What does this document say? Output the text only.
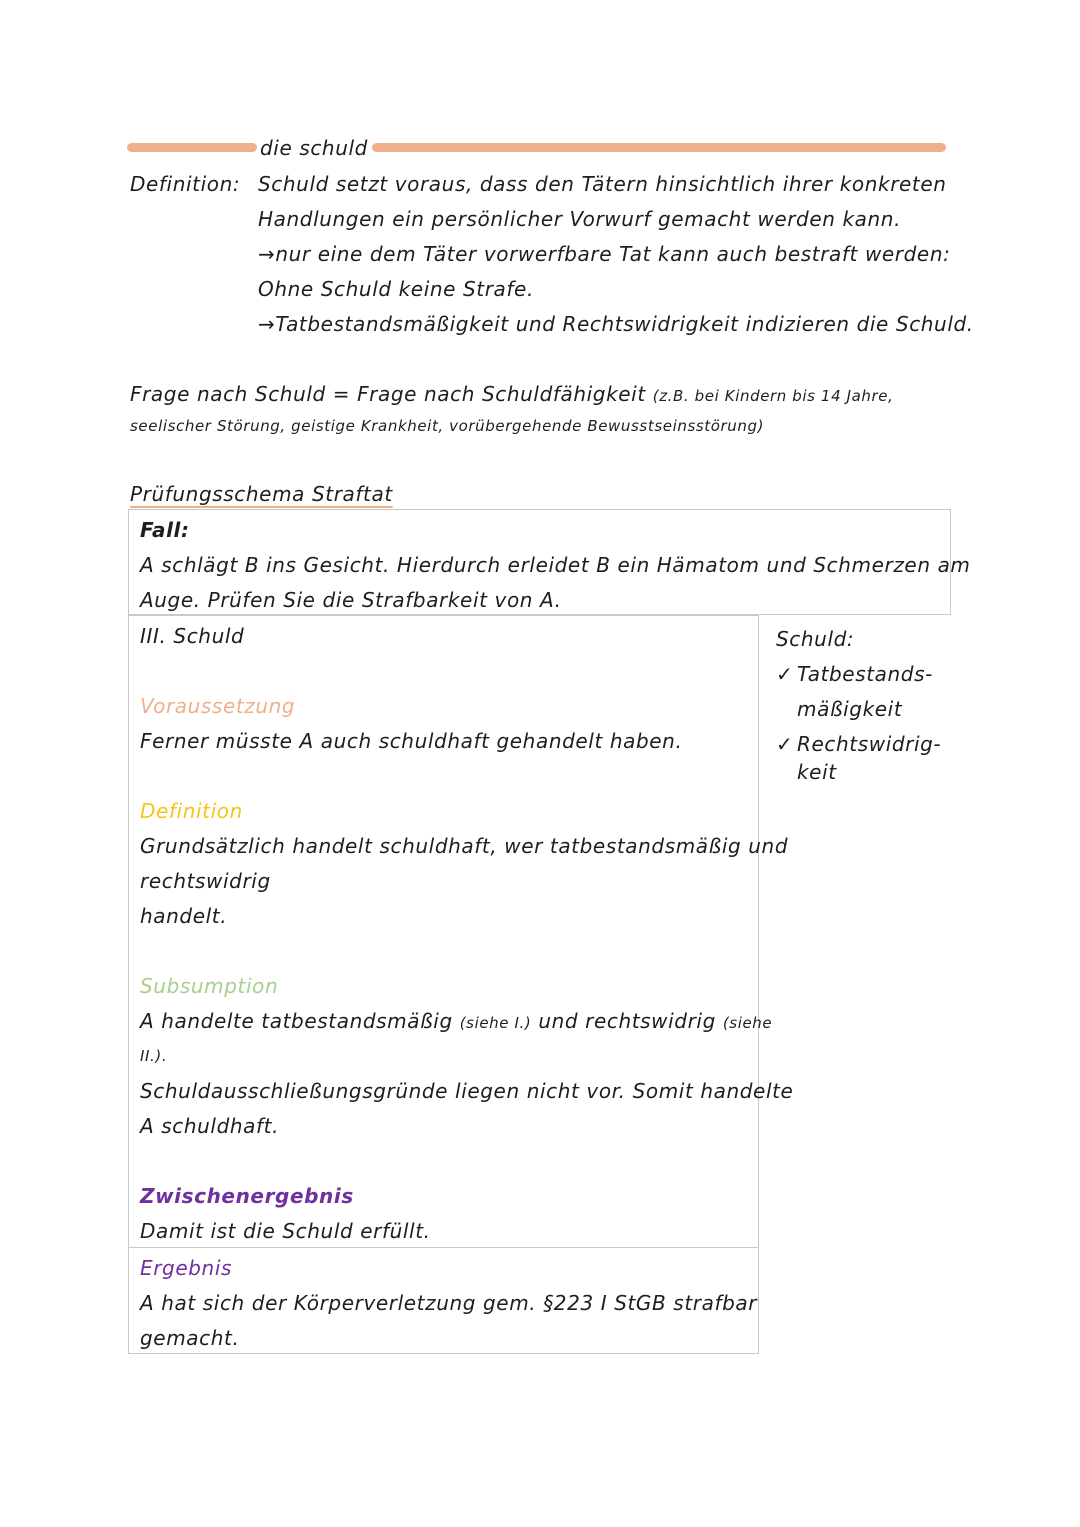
die schuld
Definition: Schuld setzt voraus, dass den Tätern hinsichtlich ihrer konkreten
Handlungen ein persönlicher Vorwurf gemacht werden kann.
→nur eine dem Täter vorwerfbare Tat kann auch bestraft werden:
Ohne Schuld keine Strafe.
→Tatbestandsmäßigkeit und Rechtswidrigkeit indizieren die Schuld.
Frage nach Schuld = Frage nach Schuldfähigkeit (z.B. bei Kindern bis 14 Jahre,
seelischer Störung, geistige Krankheit, vorübergehende Bewusstseinsstörung)
Prüfungsschema Straftat
Fall:
A schlägt B ins Gesicht. Hierdurch erleidet B ein Hämatom und Schmerzen am
Auge. Prüfen Sie die Strafbarkeit von A.
III. Schuld
Voraussetzung
Ferner müsste A auch schuldhaft gehandelt haben.
Definition
Grundsätzlich handelt schuldhaft, wer tatbestandsmäßig und
rechtswidrig
handelt.
Subsumption
A handelte tatbestandsmäßig (siehe I.) und rechtswidrig (siehe
II.).
Schuldausschließungsgründe liegen nicht vor. Somit handelte
A schuldhaft.
Zwischenergebnis
Damit ist die Schuld erfüllt.
Ergebnis
A hat sich der Körperverletzung gem. §223 I StGB strafbar
gemacht.
Schuld:
✓ Tatbestands-
mäßigkeit
✓ Rechtswidrig-
keit
